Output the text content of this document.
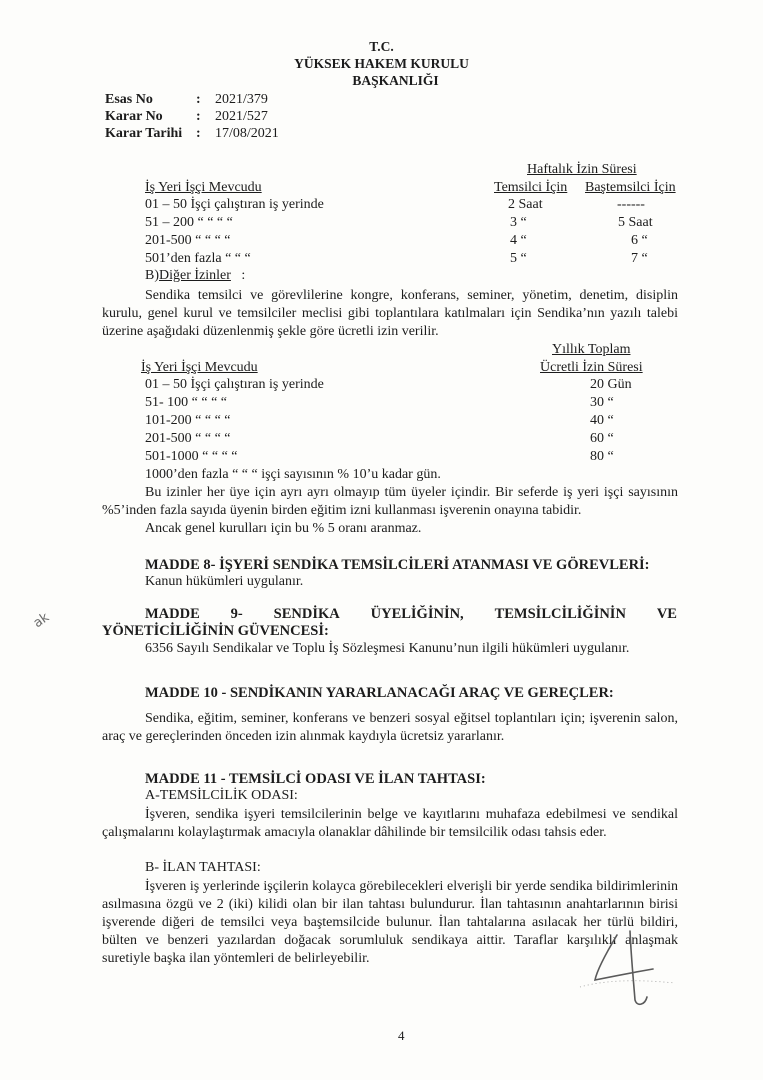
T.C.
YÜKSEK HAKEM KURULU
BAŞKANLIĞI
Esas No	: 2021/379
Karar No : 2021/527
Karar Tarihi : 17/08/2021
Haftalık İzin Süresi
İş Yeri İşçi Mevcudu	Temsilci İçin Baştemsilci İçin
01 – 50 İşçi çalıştıran iş yerinde	2 Saat	------
51 – 200 “ “ “ “	3 “	5 Saat
201-500 “ “ “ “	4 “	6 “
501’den fazla “ “ “	5 “	7 “
B)Diğer İzinler   :
Sendika temsilci ve görevlilerine kongre, konferans, seminer, yönetim, denetim, disiplin kurulu, genel kurul ve temsilciler meclisi gibi toplantılara katılmaları için Sendika’nın yazılı talebi üzerine aşağıdaki düzenlenmiş şekle göre ücretli izin verilir.
Yıllık Toplam
İş Yeri İşçi Mevcudu	Ücretli İzin Süresi
01 – 50 İşçi çalıştıran iş yerinde	20 Gün
51- 100 “ “ “ “	30 “
101-200 “ “ “ “	40 “
201-500 “ “ “ “	60 “
501-1000 “ “ “ “	80 “
1000’den fazla “ “ “ işçi sayısının % 10’u kadar gün.
Bu izinler her üye için ayrı ayrı olmayıp tüm üyeler içindir. Bir seferde iş yeri işçi sayısının %5’inden fazla sayıda üyenin birden eğitim izni kullanması işverenin onayına tabidir.
Ancak genel kurulları için bu % 5 oranı aranmaz.
MADDE 8- İŞYERİ SENDİKA TEMSİLCİLERİ ATANMASI VE GÖREVLERİ:
Kanun hükümleri uygulanır.
ak	MADDE 9- SENDİKA ÜYELİĞİNİN, TEMSİLCİLİĞİNİN VE
YÖNETİCİLİĞİNİN GÜVENCESİ:
6356 Sayılı Sendikalar ve Toplu İş Sözleşmesi Kanunu’nun ilgili hükümleri uygulanır.
MADDE 10 - SENDİKANIN YARARLANACAĞI ARAÇ VE GEREÇLER:
Sendika, eğitim, seminer, konferans ve benzeri sosyal eğitsel toplantıları için; işverenin salon, araç ve gereçlerinden önceden izin alınmak kaydıyla ücretsiz yararlanır.
MADDE 11 - TEMSİLCİ ODASI VE İLAN TAHTASI:
A-TEMSİLCİLİK ODASI:
İşveren, sendika işyeri temsilcilerinin belge ve kayıtlarını muhafaza edebilmesi ve sendikal çalışmalarını kolaylaştırmak amacıyla olanaklar dâhilinde bir temsilcilik odası tahsis eder.
B- İLAN TAHTASI:
İşveren iş yerlerinde işçilerin kolayca görebilecekleri elverişli bir yerde sendika bildirimlerinin asılmasına özgü ve 2 (iki) kilidi olan bir ilan tahtası bulundurur. İlan tahtasının anahtarlarının birisi işverende diğeri de temsilci veya baştemsilcide bulunur. İlan tahtalarına asılacak her türlü bildiri, bülten ve benzeri yazılardan doğacak sorumluluk sendikaya aittir. Taraflar karşılıklı anlaşmak suretiyle başka ilan yöntemleri de belirleyebilir.
4
